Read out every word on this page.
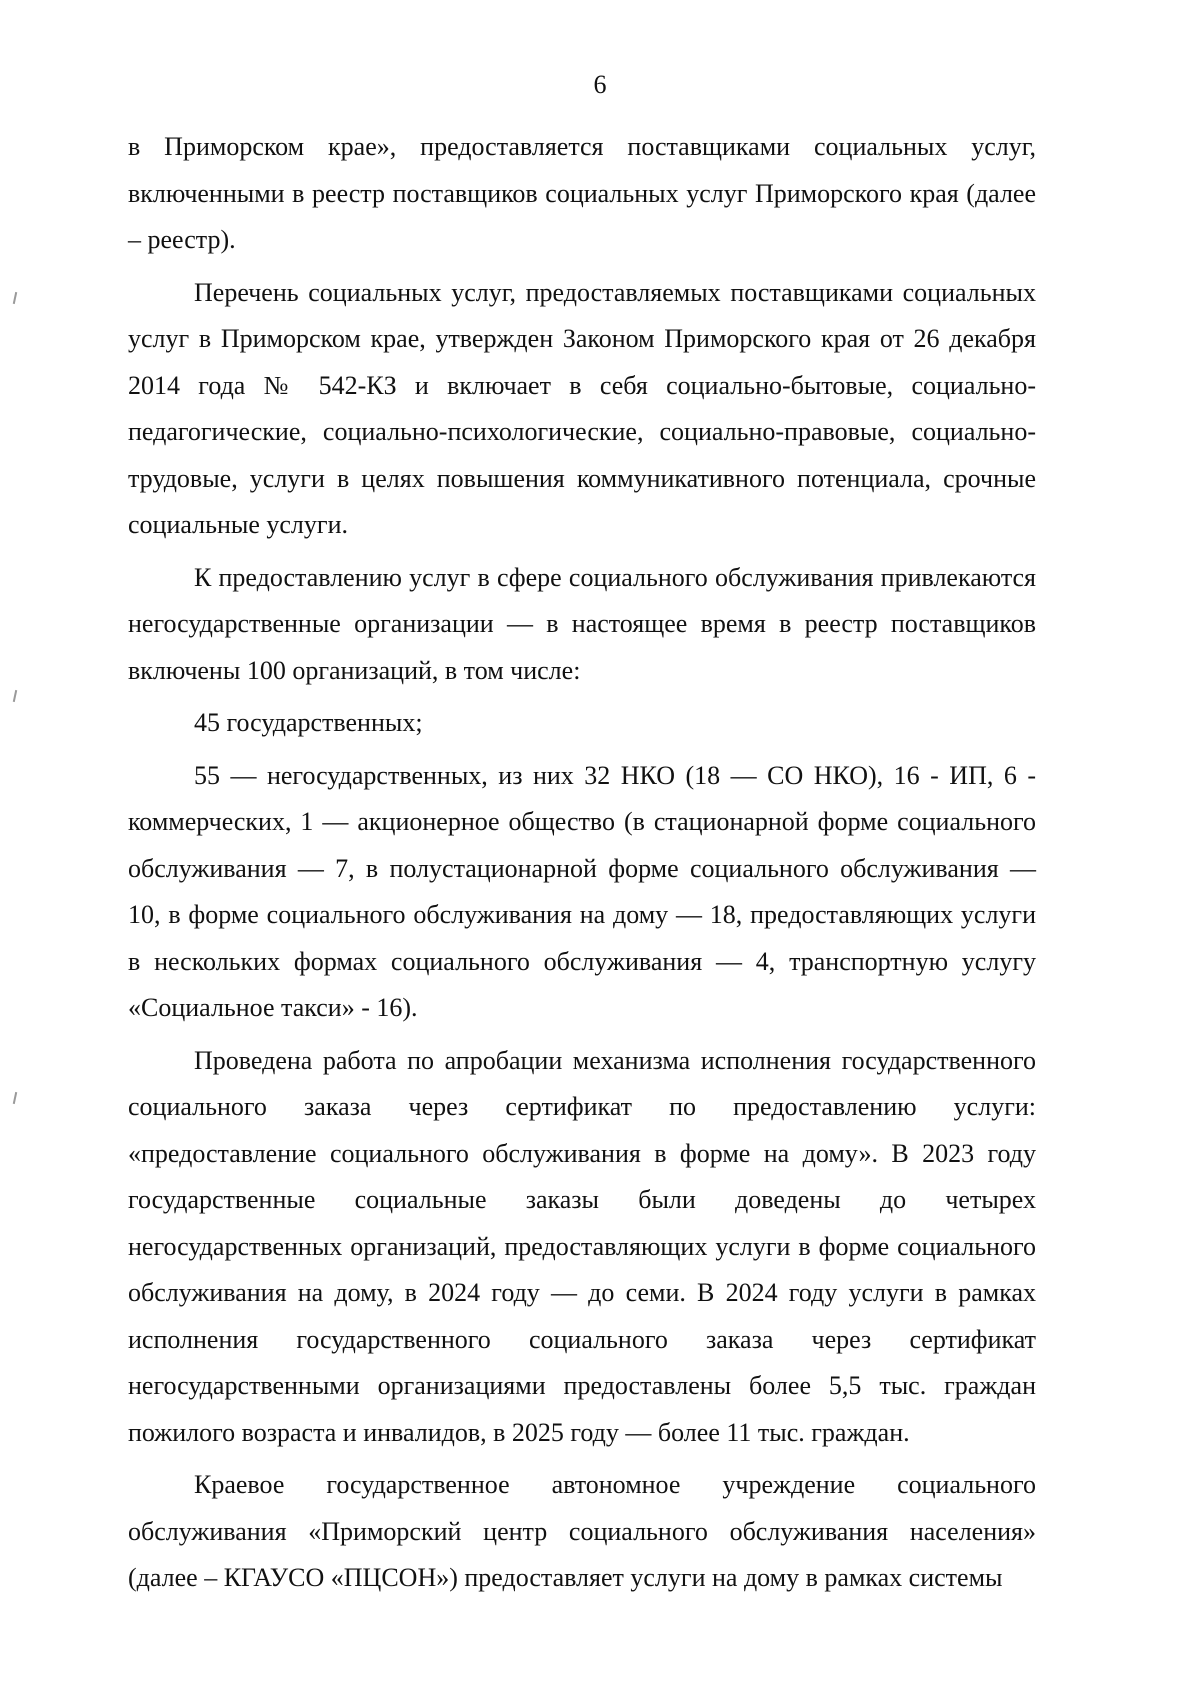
6

в Приморском крае», предоставляется поставщиками социальных услуг, включенными в реестр поставщиков социальных услуг Приморского края (далее – реестр).

Перечень социальных услуг, предоставляемых поставщиками социальных услуг в Приморском крае, утвержден Законом Приморского края от 26 декабря 2014 года № 542-КЗ и включает в себя социально-бытовые, социально-педагогические, социально-психологические, социально-правовые, социально-трудовые, услуги в целях повышения коммуникативного потенциала, срочные социальные услуги.

К предоставлению услуг в сфере социального обслуживания привлекаются негосударственные организации — в настоящее время в реестр поставщиков включены 100 организаций, в том числе:

45 государственных;

55 — негосударственных, из них 32 НКО (18 — СО НКО), 16 - ИП, 6 - коммерческих, 1 — акционерное общество (в стационарной форме социального обслуживания — 7, в полустационарной форме социального обслуживания — 10, в форме социального обслуживания на дому — 18, предоставляющих услуги в нескольких формах социального обслуживания — 4, транспортную услугу «Социальное такси» - 16).

Проведена работа по апробации механизма исполнения государственного социального заказа через сертификат по предоставлению услуги: «предоставление социального обслуживания в форме на дому». В 2023 году государственные социальные заказы были доведены до четырех негосударственных организаций, предоставляющих услуги в форме социального обслуживания на дому, в 2024 году — до семи. В 2024 году услуги в рамках исполнения государственного социального заказа через сертификат негосударственными организациями предоставлены более 5,5 тыс. граждан пожилого возраста и инвалидов, в 2025 году — более 11 тыс. граждан.

Краевое государственное автономное учреждение социального обслуживания «Приморский центр социального обслуживания населения» (далее – КГАУСО «ПЦСОН») предоставляет услуги на дому в рамках системы
